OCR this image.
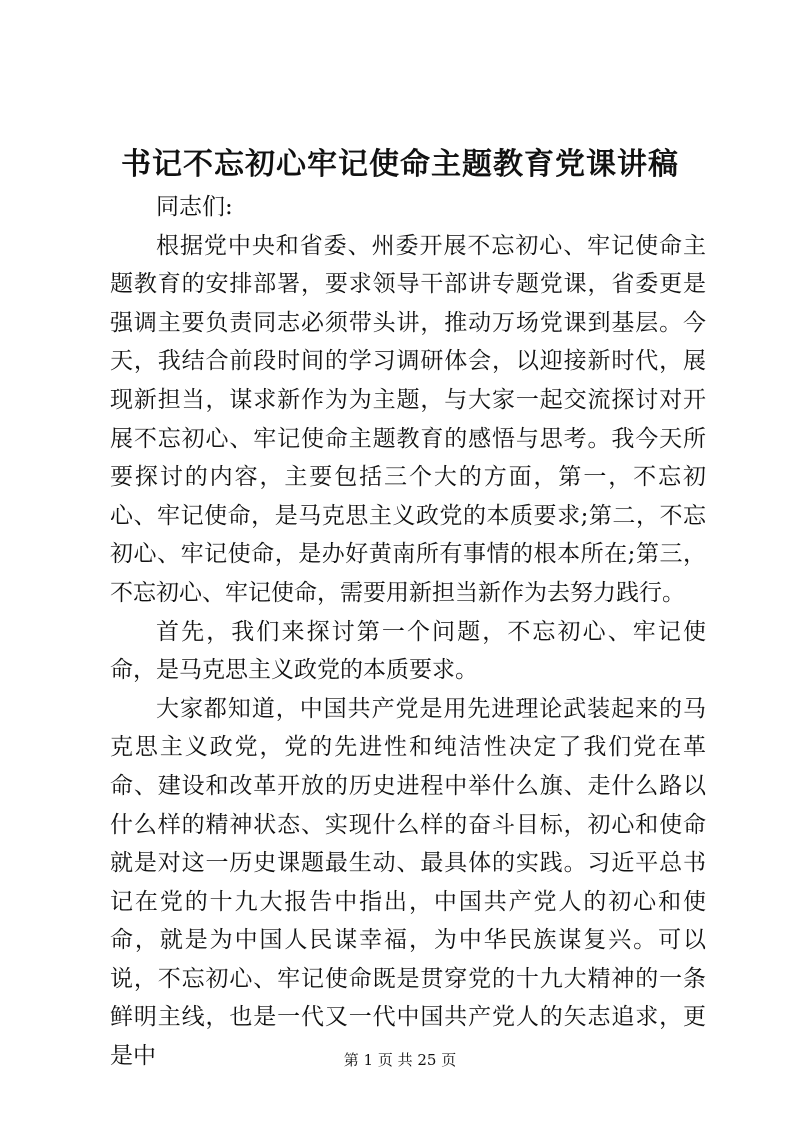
书记不忘初心牢记使命主题教育党课讲稿

同志们:

根据党中央和省委、州委开展不忘初心、牢记使命主题教育的安排部署，要求领导干部讲专题党课，省委更是强调主要负责同志必须带头讲，推动万场党课到基层。今天，我结合前段时间的学习调研体会，以迎接新时代，展现新担当，谋求新作为为主题，与大家一起交流探讨对开展不忘初心、牢记使命主题教育的感悟与思考。我今天所要探讨的内容，主要包括三个大的方面，第一，不忘初心、牢记使命，是马克思主义政党的本质要求;第二，不忘初心、牢记使命，是办好黄南所有事情的根本所在;第三，不忘初心、牢记使命，需要用新担当新作为去努力践行。

首先，我们来探讨第一个问题，不忘初心、牢记使命，是马克思主义政党的本质要求。

大家都知道，中国共产党是用先进理论武装起来的马克思主义政党，党的先进性和纯洁性决定了我们党在革命、建设和改革开放的历史进程中举什么旗、走什么路以什么样的精神状态、实现什么样的奋斗目标，初心和使命就是对这一历史课题最生动、最具体的实践。习近平总书记在党的十九大报告中指出，中国共产党人的初心和使命，就是为中国人民谋幸福，为中华民族谋复兴。可以说，不忘初心、牢记使命既是贯穿党的十九大精神的一条鲜明主线，也是一代又一代中国共产党人的矢志追求，更是中	第 1 页 共 25 页
